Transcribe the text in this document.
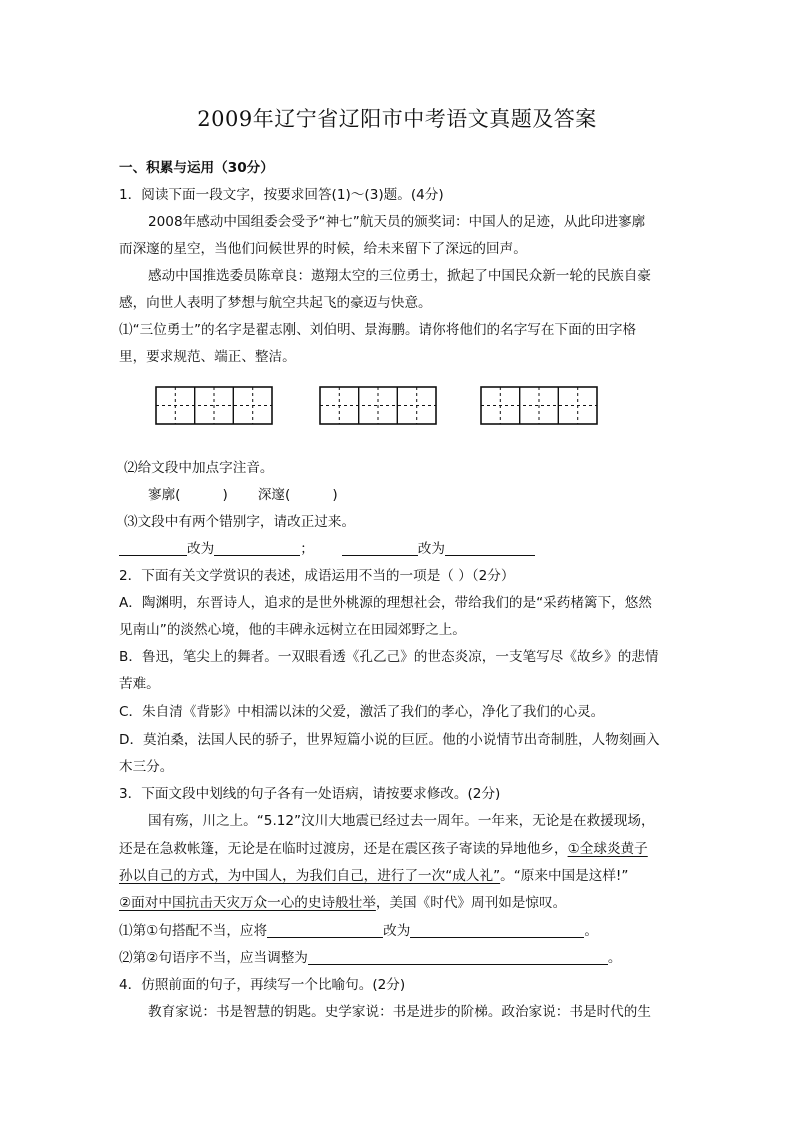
2009年辽宁省辽阳市中考语文真题及答案
一、积累与运用（30分）
1．阅读下面一段文字，按要求回答(1)～(3)题。(4分)
2008年感动中国组委会受予“神七”航天员的颁奖词：中国人的足迹，从此印进寥廓
而深邃的星空，当他们问候世界的时候，给未来留下了深远的回声。
感动中国推选委员陈章良：遨翔太空的三位勇士，掀起了中国民众新一轮的民族自豪
感，向世人表明了梦想与航空共起飞的豪迈与快意。
⑴“三位勇士”的名字是翟志刚、刘伯明、景海鹏。请你将他们的名字写在下面的田字格
里，要求规范、端正、整洁。
⑵给文段中加点字注音。
寥廓(	) 深邃(	)
⑶文段中有两个错别字，请改正过来。
改为	；	改为
2．下面有关文学赏识的表述，成语运用不当的一项是（ ）（2分）
A．陶渊明，东晋诗人，追求的是世外桃源的理想社会，带给我们的是“采药楮篱下，悠然
见南山”的淡然心境，他的丰碑永远树立在田园郊野之上。
B．鲁迅，笔尖上的舞者。一双眼看透《孔乙己》的世态炎凉，一支笔写尽《故乡》的悲情
苦难。
C．朱自清《背影》中相濡以沫的父爱，激活了我们的孝心，净化了我们的心灵。
D．莫泊桑，法国人民的骄子，世界短篇小说的巨匠。他的小说情节出奇制胜，人物刻画入
木三分。
3．下面文段中划线的句子各有一处语病，请按要求修改。(2分)
国有殇，川之上。“5.12”汶川大地震已经过去一周年。一年来，无论是在救援现场，
还是在急救帐篷，无论是在临时过渡房，还是在震区孩子寄读的异地他乡，①全球炎黄子
孙以自己的方式，为中国人，为我们自己，进行了一次“成人礼”。“原来中国是这样!”
②面对中国抗击天灾万众一心的史诗般壮举，美国《时代》周刊如是惊叹。
⑴第①句搭配不当，应将	改为	。
⑵第②句语序不当，应当调整为	。
4．仿照前面的句子，再续写一个比喻句。(2分)
教育家说：书是智慧的钥匙。史学家说：书是进步的阶梯。政治家说：书是时代的生
